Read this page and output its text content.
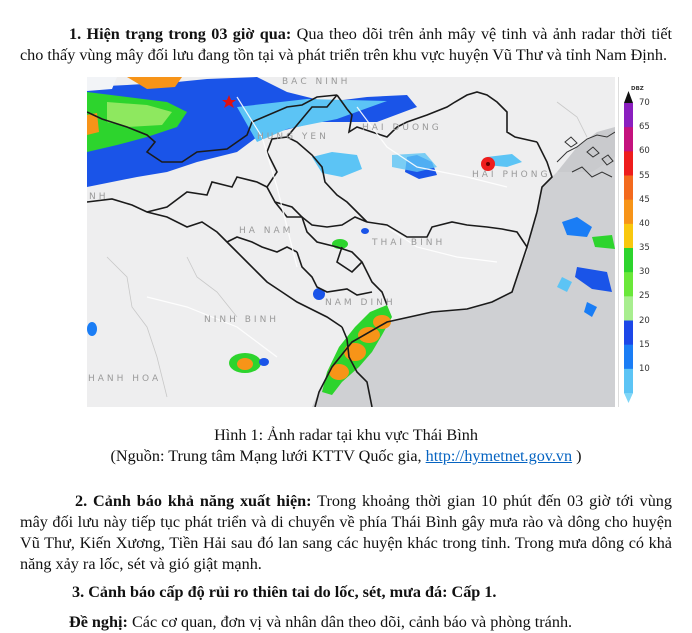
1. Hiện trạng trong 03 giờ qua: Qua theo dõi trên ảnh mây vệ tinh và ảnh radar thời tiết cho thấy vùng mây đối lưu đang tồn tại và phát triển trên khu vực huyện Vũ Thư và tỉnh Nam Định.

BẮC NINH
HUNG YEN
HAI DUONG
HAI PHONG
NH
HA NAM
THAI BINH
NAM DINH
NINH BINH
HANH HOA
DBZ
70
65
60
55
45
40
35
30
25
20
15
10
Hình 1: Ảnh radar tại khu vực Thái Bình
(Nguồn: Trung tâm Mạng lưới KTTV Quốc gia, http://hymetnet.gov.vn )

2. Cảnh báo khả năng xuất hiện: Trong khoảng thời gian 10 phút đến 03 giờ tới vùng mây đối lưu này tiếp tục phát triển và di chuyển về phía Thái Bình gây mưa rào và dông cho huyện Vũ Thư, Kiến Xương, Tiền Hải sau đó lan sang các huyện khác trong tỉnh. Trong mưa dông có khả năng xảy ra lốc, sét và gió giật mạnh.

3. Cảnh báo cấp độ rủi ro thiên tai do lốc, sét, mưa đá: Cấp 1.

Đề nghị: Các cơ quan, đơn vị và nhân dân theo dõi, cảnh báo và phòng tránh.
